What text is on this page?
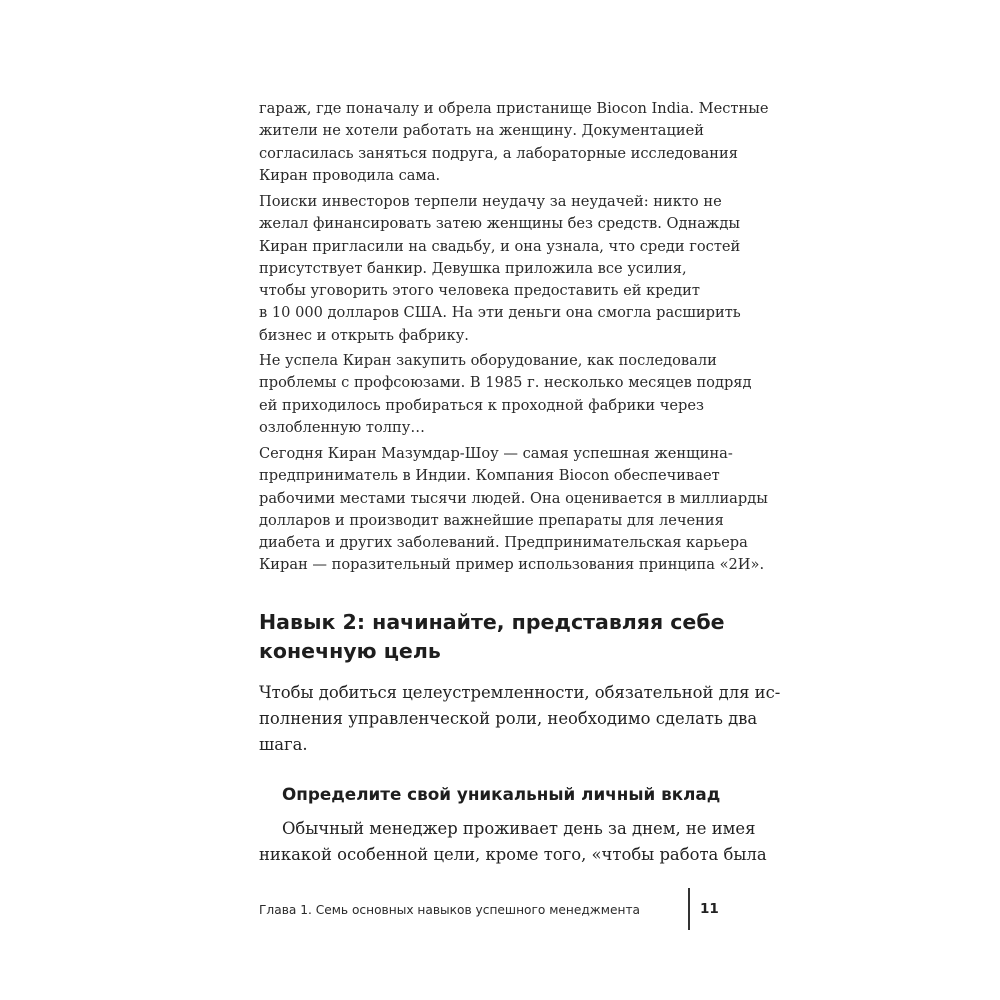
гараж, где поначалу и обрела пристанище Biocon India. Местные
жители не хотели работать на женщину. Документацией
согласилась заняться подруга, а лабораторные исследования
Киран проводила сама.
Поиски инвесторов терпели неудачу за неудачей: никто не
желал финансировать затею женщины без средств. Однажды
Киран пригласили на свадьбу, и она узнала, что среди гостей
присутствует банкир. Девушка приложила все усилия,
чтобы уговорить этого человека предоставить ей кредит
в 10 000 долларов США. На эти деньги она смогла расширить
бизнес и открыть фабрику.
Не успела Киран закупить оборудование, как последовали
проблемы с профсоюзами. В 1985 г. несколько месяцев подряд
ей приходилось пробираться к проходной фабрики через
озлобленную толпу…
Сегодня Киран Мазумдар-Шоу — самая успешная женщина-
предприниматель в Индии. Компания Biocon обеспечивает
рабочими местами тысячи людей. Она оценивается в миллиарды
долларов и производит важнейшие препараты для лечения
диабета и других заболеваний. Предпринимательская карьера
Киран — поразительный пример использования принципа «2И».
Навык 2: начинайте, представляя себе
конечную цель
Чтобы добиться целеустремленности, обязательной для ис-
полнения управленческой роли, необходимо сделать два
шага.
Определите свой уникальный личный вклад
Обычный менеджер проживает день за днем, не имея
никакой особенной цели, кроме того, «чтобы работа была
Глава 1. Семь основных навыков успешного менеджмента	11
